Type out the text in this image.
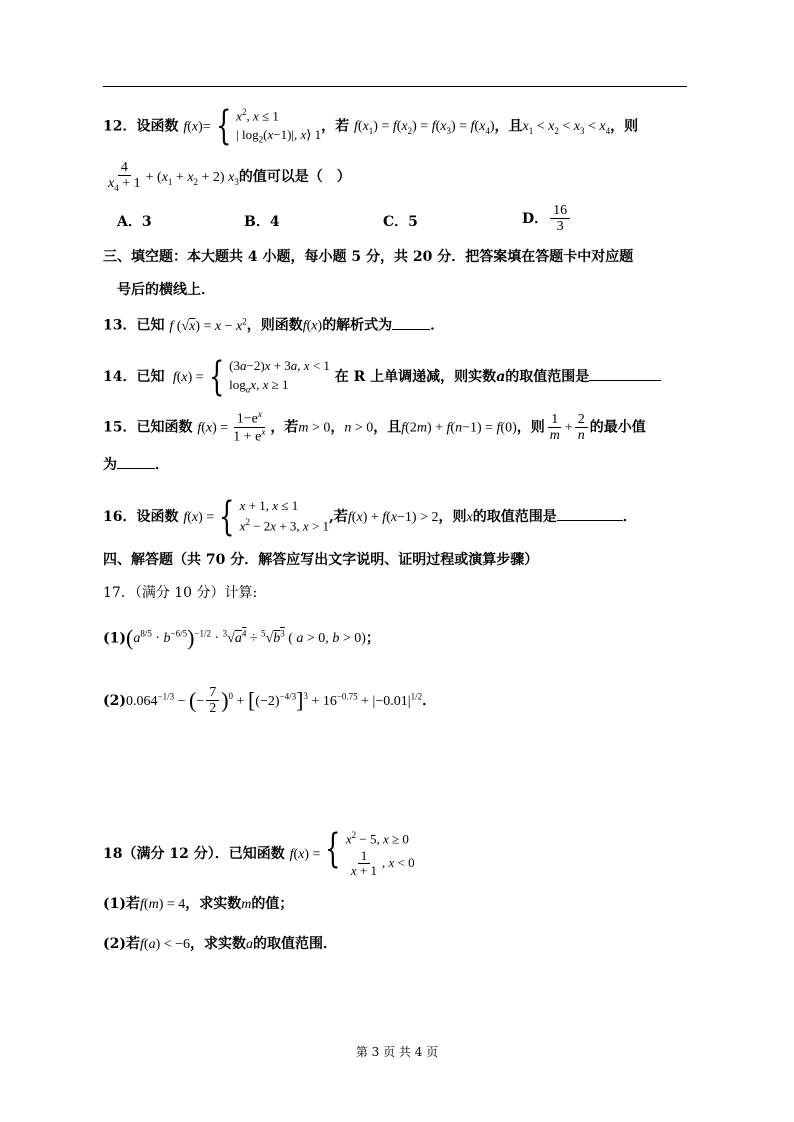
12．设函数 f(x)= { $x^2$, x ≤ 1
| $\log_2(x-1)|$, x⟩ 1
，若 $f(x_1) = f(x_2) = f(x_3) = f(x_4)$，且$x_1 < x_2 < x_3 < x_4$，则
$\frac{4}{x_4 + 1} + (x_1 + x_2 + 2)$ $x_3$的值可以是（　）
A．3	B．4	C．5	D． $\frac{16}{3}$
三、填空题：本大题共 4 小题，每小题 5 分，共 20 分．把答案填在答题卡中对应题
号后的横线上．
13．已知 f $(√x) = x - x^2$，则函数f(x)的解析式为	．
14．已知 f(x) = { (3a−2)x + 3a, x < 1
$\log_ax$, x ≥ 1	在 R 上单调递减，则实数a的取值范围是
15．已知函数 $f(x) = \frac{1-e^x}{1 + e^x}$ ，若m > 0，n > 0，且f(2m) + f(n−1) = f(0)，则 $\frac{1}{m} + \frac{2}{n}$ 的最小值
为	．
16．设函数 f(x) = { x + 1, x ≤ 1
$x^2 - 2x + 3$, x > 1
,若f(x) + f(x−1) > 2，则x的取值范围是	．
四、解答题（共 70 分．解答应写出文字说明、证明过程或演算步骤）
17．（满分 10 分）计算:
$(1)(a^{8/5} \cdot b^{-6/5})^{-1/2} \cdot ^3√a^4 \div ^5√b^3$ ( a > 0, b > 0)；
$(2)0.064^{-1/3}$ − (− $\frac{7}{2} )^0 + [(-2)^{-4/3}]^3 + 16^{-0.75} + |-0.01|^{1/2}$．
18（满分 12 分）．已知函数 f(x) = { $x^2 - 5$, x ≥ 0
$\frac{1}{x + 1}$ , x < 0
(1)若f(m) = 4，求实数m的值；
(2)若f(a) < −6，求实数a的取值范围．
第 3 页 共 4 页
